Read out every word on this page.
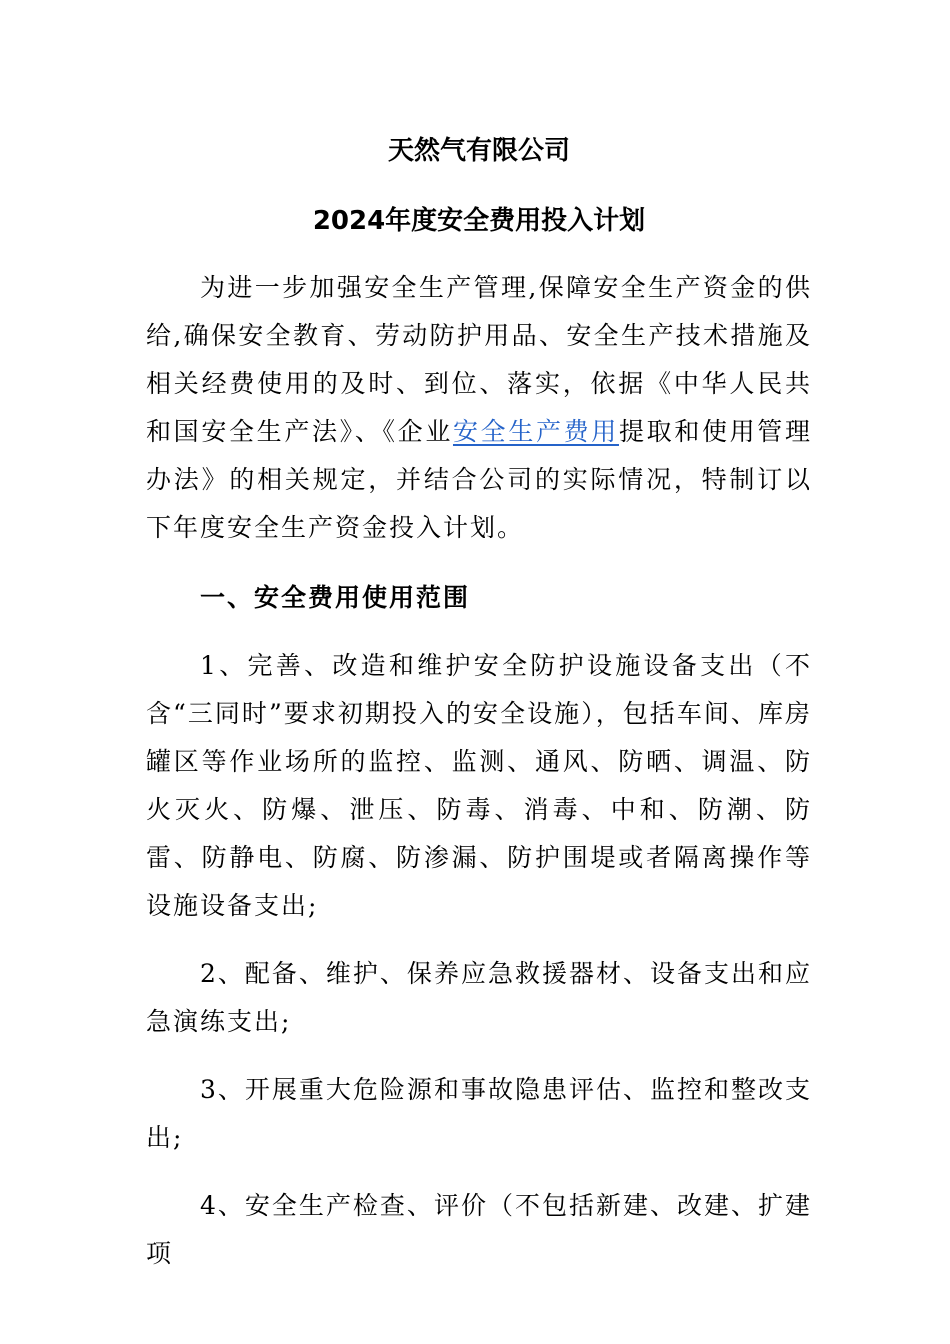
天然气有限公司
2024年度安全费用投入计划

为进一步加强安全生产管理,保障安全生产资金的供给,确保安全教育、劳动防护用品、安全生产技术措施及相关经费使用的及时、到位、落实，依据《中华人民共和国安全生产法》、《企业安全生产费用提取和使用管理办法》的相关规定，并结合公司的实际情况，特制订以下年度安全生产资金投入计划。

一、安全费用使用范围

1、完善、改造和维护安全防护设施设备支出（不含“三同时”要求初期投入的安全设施），包括车间、库房罐区等作业场所的监控、监测、通风、防晒、调温、防火灭火、防爆、泄压、防毒、消毒、中和、防潮、防雷、防静电、防腐、防渗漏、防护围堤或者隔离操作等设施设备支出;

2、配备、维护、保养应急救援器材、设备支出和应急演练支出;

3、开展重大危险源和事故隐患评估、监控和整改支出;

4、安全生产检查、评价（不包括新建、改建、扩建项
